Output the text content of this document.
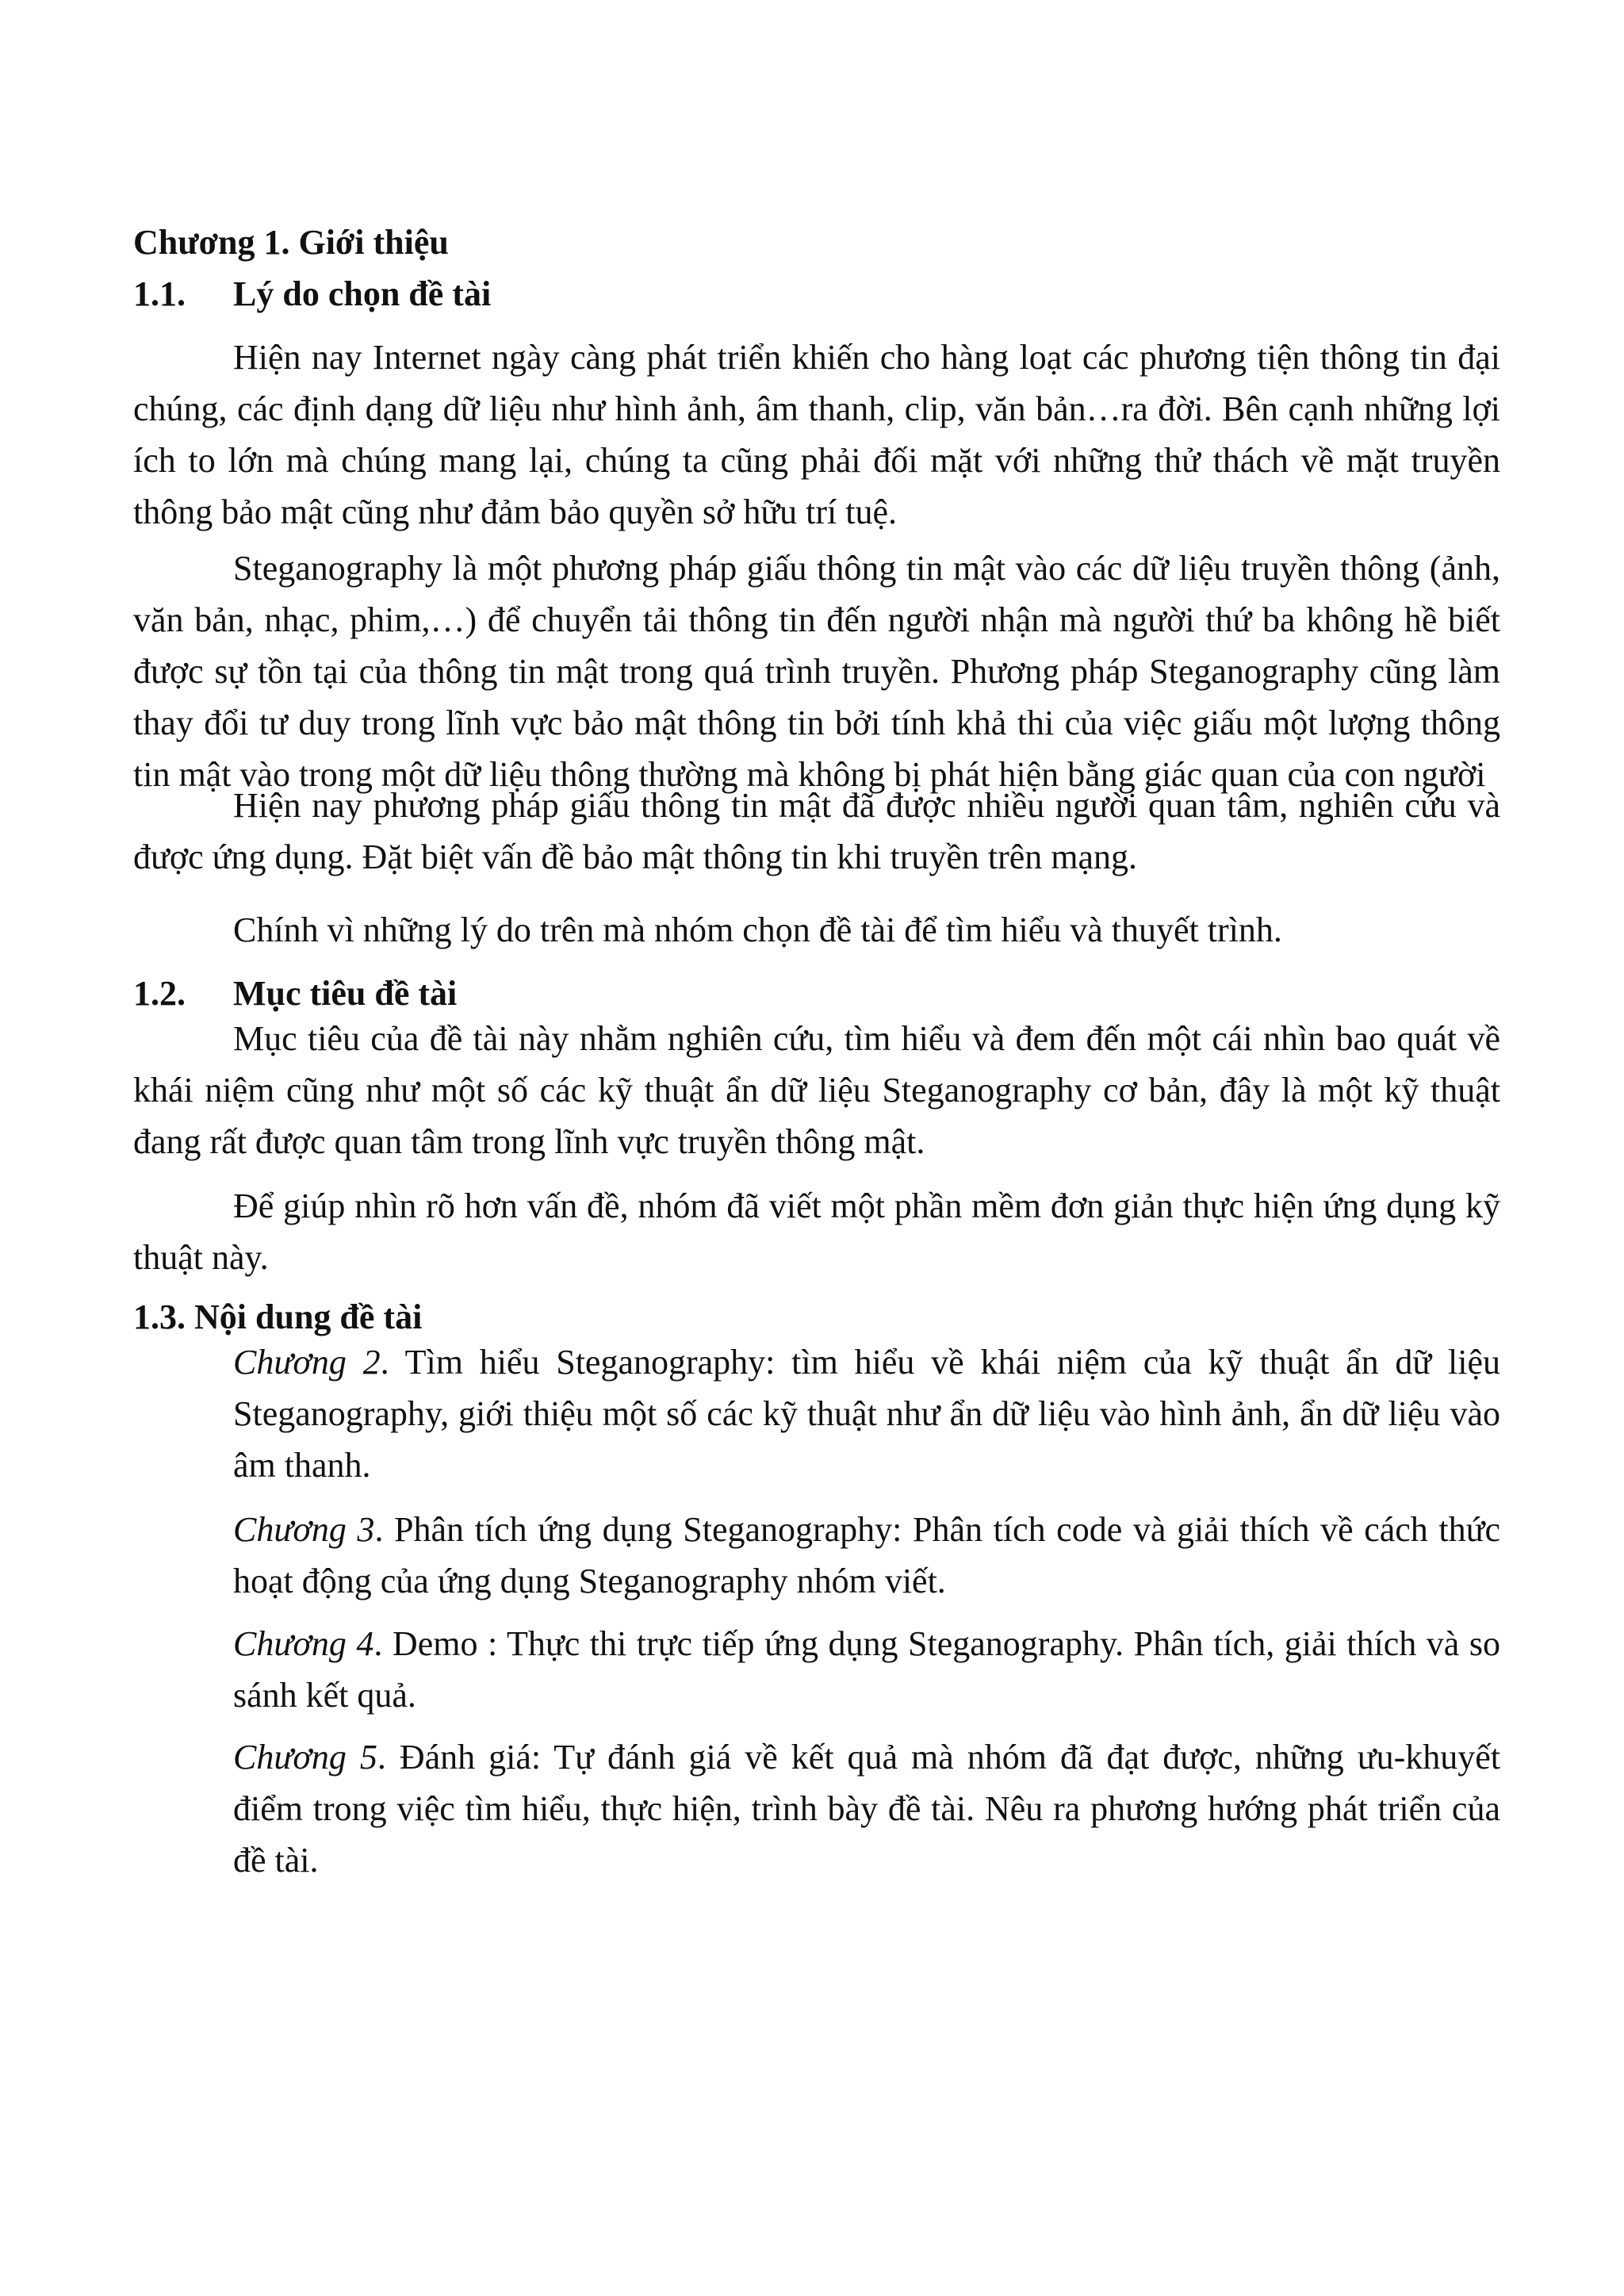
Chương 1. Giới thiệu
1.1. Lý do chọn đề tài

Hiện nay Internet ngày càng phát triển khiến cho hàng loạt các phương tiện thông tin đại chúng, các định dạng dữ liệu như hình ảnh, âm thanh, clip, văn bản…ra đời. Bên cạnh những lợi ích to lớn mà chúng mang lại, chúng ta cũng phải đối mặt với những thử thách về mặt truyền thông bảo mật cũng như đảm bảo quyền sở hữu trí tuệ.

Steganography là một phương pháp giấu thông tin mật vào các dữ liệu truyền thông (ảnh, văn bản, nhạc, phim,…) để chuyển tải thông tin đến người nhận mà người thứ ba không hề biết được sự tồn tại của thông tin mật trong quá trình truyền. Phương pháp Steganography cũng làm thay đổi tư duy trong lĩnh vực bảo mật thông tin bởi tính khả thi của việc giấu một lượng thông tin mật vào trong một dữ liệu thông thường mà không bị phát hiện bằng giác quan của con người

Hiện nay phương pháp giấu thông tin mật đã được nhiều người quan tâm, nghiên cứu và được ứng dụng. Đặt biệt vấn đề bảo mật thông tin khi truyền trên mạng.

Chính vì những lý do trên mà nhóm chọn đề tài để tìm hiểu và thuyết trình.

1.2. Mục tiêu đề tài

Mục tiêu của đề tài này nhằm nghiên cứu, tìm hiểu và đem đến một cái nhìn bao quát về khái niệm cũng như một số các kỹ thuật ẩn dữ liệu Steganography cơ bản, đây là một kỹ thuật đang rất được quan tâm trong lĩnh vực truyền thông mật.

Để giúp nhìn rõ hơn vấn đề, nhóm đã viết một phần mềm đơn giản thực hiện ứng dụng kỹ thuật này.

1.3. Nội dung đề tài

Chương 2. Tìm hiểu Steganography: tìm hiểu về khái niệm của kỹ thuật ẩn dữ liệu Steganography, giới thiệu một số các kỹ thuật như ẩn dữ liệu vào hình ảnh, ẩn dữ liệu vào âm thanh.

Chương 3. Phân tích ứng dụng Steganography: Phân tích code và giải thích về cách thức hoạt động của ứng dụng Steganography nhóm viết.

Chương 4. Demo : Thực thi trực tiếp ứng dụng Steganography. Phân tích, giải thích và so sánh kết quả.

Chương 5. Đánh giá: Tự đánh giá về kết quả mà nhóm đã đạt được, những ưu-khuyết điểm trong việc tìm hiểu, thực hiện, trình bày đề tài. Nêu ra phương hướng phát triển của đề tài.
